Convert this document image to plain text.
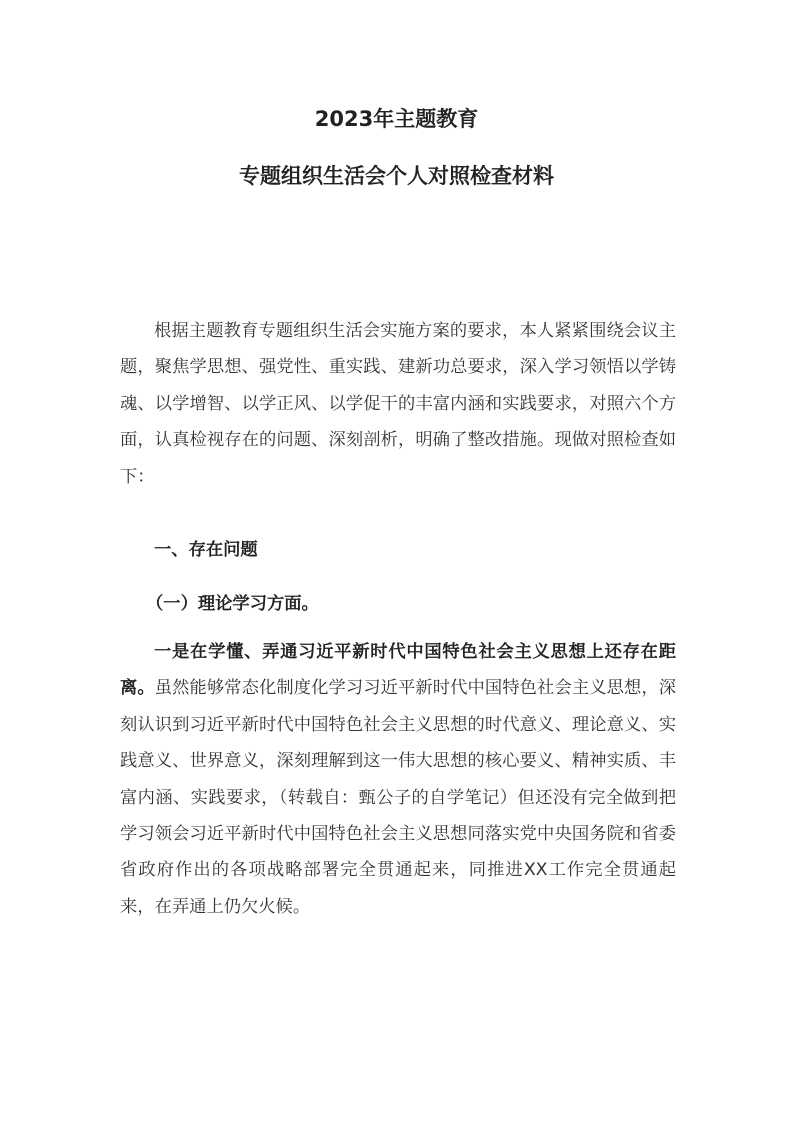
2023年主题教育
专题组织生活会个人对照检查材料

根据主题教育专题组织生活会实施方案的要求，本人紧紧围绕会议主题，聚焦学思想、强党性、重实践、建新功总要求，深入学习领悟以学铸魂、以学增智、以学正风、以学促干的丰富内涵和实践要求，对照六个方面，认真检视存在的问题、深刻剖析，明确了整改措施。现做对照检查如下：

一、存在问题
（一）理论学习方面。

一是在学懂、弄通习近平新时代中国特色社会主义思想上还存在距离。虽然能够常态化制度化学习习近平新时代中国特色社会主义思想，深刻认识到习近平新时代中国特色社会主义思想的时代意义、理论意义、实践意义、世界意义，深刻理解到这一伟大思想的核心要义、精神实质、丰富内涵、实践要求，（转载自：甄公子的自学笔记）但还没有完全做到把学习领会习近平新时代中国特色社会主义思想同落实党中央国务院和省委省政府作出的各项战略部署完全贯通起来，同推进XX工作完全贯通起来，在弄通上仍欠火候。
